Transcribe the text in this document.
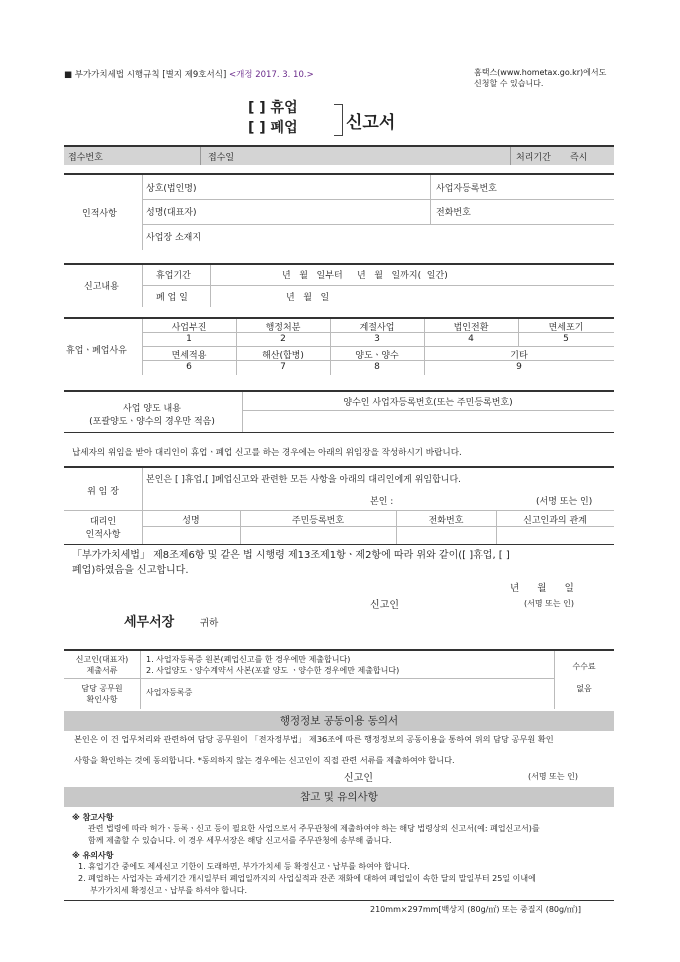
■ 부가가치세법 시행규칙 [별지 제9호서식] <개정 2017. 3. 10.>	홈택스(www.hometax.go.kr)에서도
신청할 수 있습니다.
[ ] 휴업
[ ] 폐업	신고서
접수번호	접수일	처리기간 즉시
인적사항
상호(법인명)	사업자등록번호
성명(대표자)	전화번호
사업장 소재지
신고내용
휴업기간	년   월   일부터     년   월   일까지(  일간)
폐 업 일	년   월   일
휴업ㆍ폐업사유
사업부진	행정처분	계절사업	법인전환	면세포기
1	2	3	4	5
면세적용	해산(합병)	양도ㆍ양수	기타
6	7	8	9
사업 양도 내용
(포괄양도ㆍ양수의 경우만 적음)
양수인 사업자등록번호(또는 주민등록번호)
납세자의 위임을 받아 대리인이 휴업ㆍ폐업 신고를 하는 경우에는 아래의 위임장을 작성하시기 바랍니다.
위 임 장
본인은 [ ]휴업,[ ]폐업신고와 관련한 모든 사항을 아래의 대리인에게 위임합니다.
본인 :	(서명 또는 인)
대리인
인적사항
성명	주민등록번호	전화번호	신고인과의 관계
「부가가치세법」 제8조제6항 및 같은 법 시행령 제13조제1항ㆍ제2항에 따라 위와 같이([ ]휴업, [ ]
폐업)하였음을 신고합니다.
년      월      일
신고인	(서명 또는 인)
세무서장	귀하
신고인(대표자)
제출서류
1. 사업자등록증 원본(폐업신고를 한 경우에만 제출합니다)
2. 사업양도ㆍ양수계약서 사본(포괄 양도 ㆍ양수한 경우에만 제출합니다)
담당 공무원
확인사항
사업자등록증
수수료
없음
행정정보 공동이용 동의서
본인은 이 건 업무처리와 관련하여 담당 공무원이 「전자정부법」 제36조에 따른 행정정보의 공동이용을 통하여 위의 담당 공무원 확인
사항을 확인하는 것에 동의합니다. *동의하지 않는 경우에는 신고인이 직접 관련 서류를 제출하여야 합니다.
신고인	(서명 또는 인)
참고 및 유의사항
※ 참고사항
관련 법령에 따라 허가ㆍ등록ㆍ신고 등이 필요한 사업으로서 주무관청에 제출하여야 하는 해당 법령상의 신고서(예: 폐업신고서)를
함께 제출할 수 있습니다. 이 경우 세무서장은 해당 신고서를 주무관청에 송부해 줍니다.
※ 유의사항
1. 휴업기간 중에도 제세신고 기한이 도래하면, 부가가치세 등 확정신고ㆍ납부를 하여야 합니다.
2. 폐업하는 사업자는 과세기간 개시일부터 폐업일까지의 사업실적과 잔존 재화에 대하여 폐업일이 속한 달의 말일부터 25일 이내에
부가가치세 확정신고ㆍ납부를 하셔야 합니다.
210mm×297mm[백상지 (80g/㎡) 또는 중질지 (80g/㎡)]
